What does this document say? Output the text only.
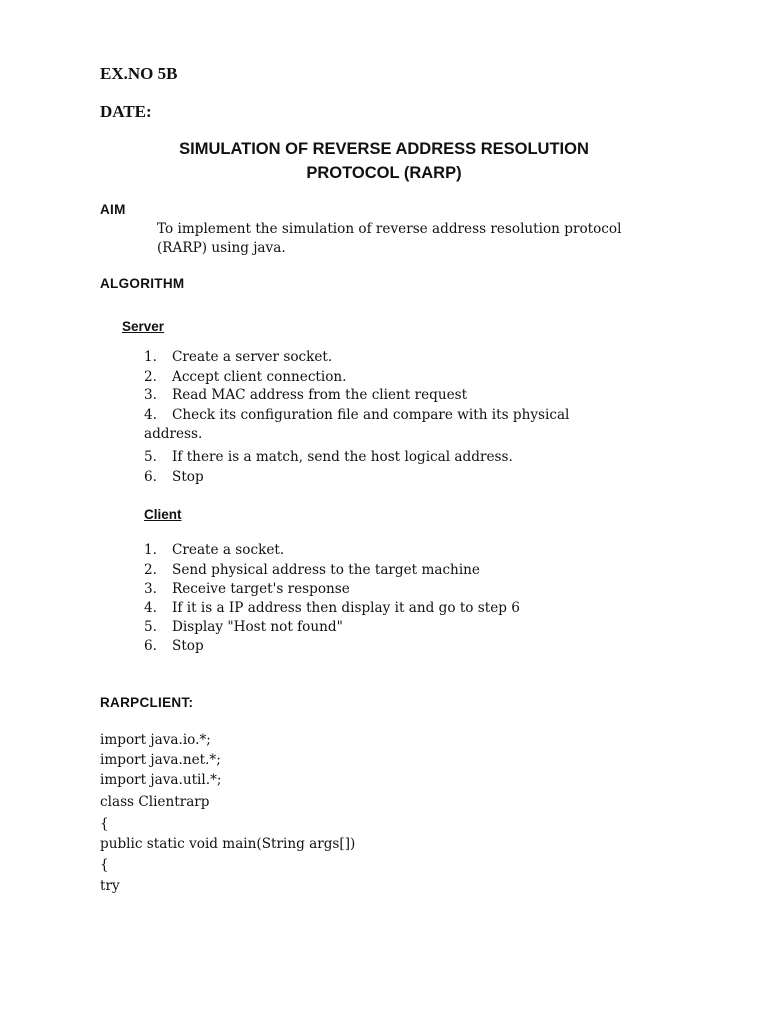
EX.NO 5B
DATE:
SIMULATION OF REVERSE ADDRESS RESOLUTION
PROTOCOL (RARP)
AIM
To implement the simulation of reverse address resolution protocol
(RARP) using java.
ALGORITHM
Server
1. Create a server socket.
2. Accept client connection.
3. Read MAC address from the client request
4. Check its configuration file and compare with its physical
address.
5. If there is a match, send the host logical address.
6. Stop
Client
1. Create a socket.
2. Send physical address to the target machine
3. Receive target's response
4. If it is a IP address then display it and go to step 6
5. Display "Host not found"
6. Stop
RARPCLIENT:
import java.io.*;
import java.net.*;
import java.util.*;
class Clientrarp
{
public static void main(String args[])
{
try
